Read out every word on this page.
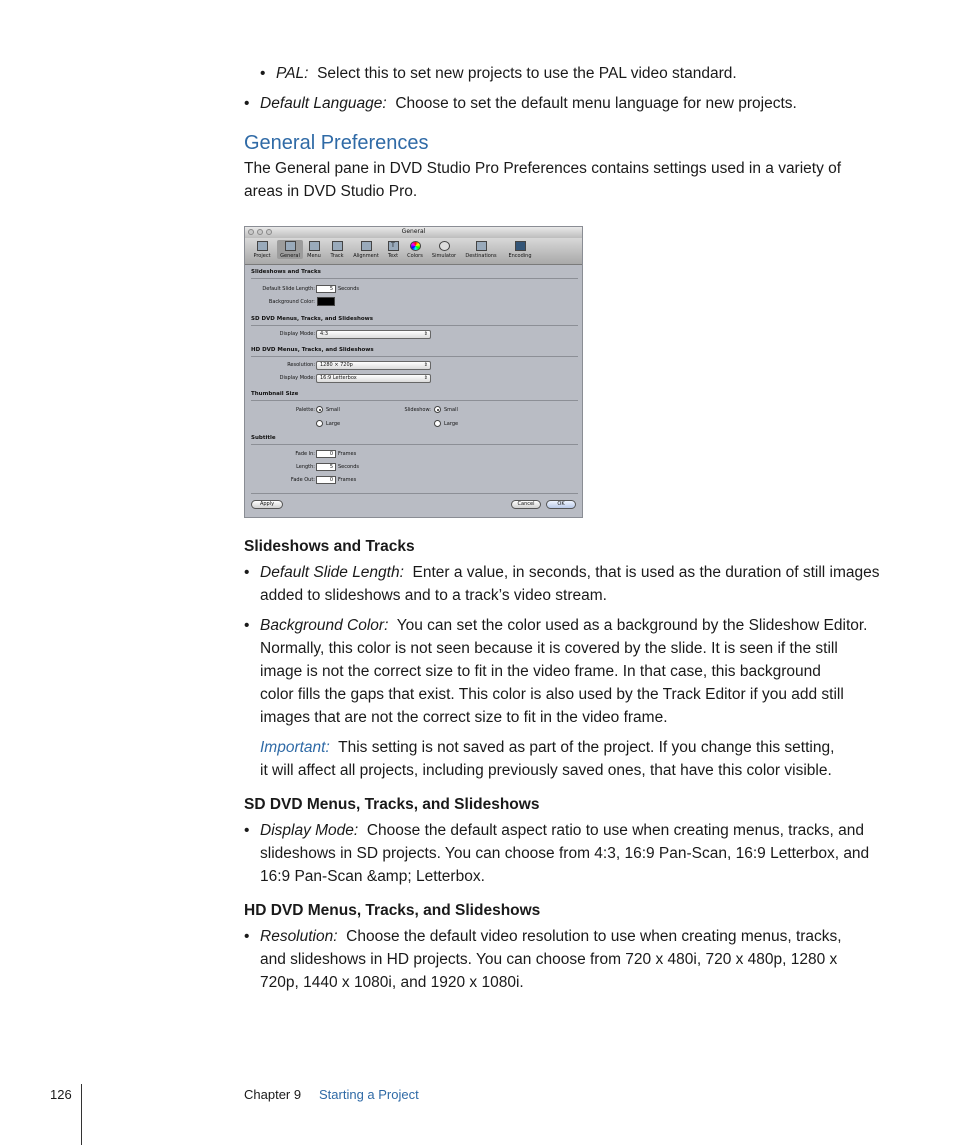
• PAL: Select this to set new projects to use the PAL video standard.
• Default Language: Choose to set the default menu language for new projects.
General Preferences
The General pane in DVD Studio Pro Preferences contains settings used in a variety of
areas in DVD Studio Pro.
General
Project	General	Menu	Track	Alignment
T
Text	Colors	Simulator	Destinations	Encoding
Slideshows and Tracks
Default Slide Length:	5	Seconds
Background Color:
SD DVD Menus, Tracks, and Slideshows
Display Mode:	4:3	⇕
HD DVD Menus, Tracks, and Slideshows
Resolution:	1280 × 720p	⇕
Display Mode:	16:9 Letterbox	⇕
Thumbnail Size
Palette: Small
Large
Slideshow:	Small
Large
Subtitle
Fade In:	0	Frames
Length:	5	Seconds
Fade Out:	0	Frames
Apply	Cancel	OK
Slideshows and Tracks
• Default Slide Length: Enter a value, in seconds, that is used as the duration of still images
added to slideshows and to a track’s video stream.
• Background Color: You can set the color used as a background by the Slideshow Editor.
Normally, this color is not seen because it is covered by the slide. It is seen if the still
image is not the correct size to fit in the video frame. In that case, this background
color fills the gaps that exist. This color is also used by the Track Editor if you add still
images that are not the correct size to fit in the video frame.
Important: This setting is not saved as part of the project. If you change this setting,
it will affect all projects, including previously saved ones, that have this color visible.
SD DVD Menus, Tracks, and Slideshows
• Display Mode: Choose the default aspect ratio to use when creating menus, tracks, and
slideshows in SD projects. You can choose from 4:3, 16:9 Pan-Scan, 16:9 Letterbox, and
16:9 Pan-Scan &amp; Letterbox.
HD DVD Menus, Tracks, and Slideshows
• Resolution: Choose the default video resolution to use when creating menus, tracks,
and slideshows in HD projects. You can choose from 720 x 480i, 720 x 480p, 1280 x
720p, 1440 x 1080i, and 1920 x 1080i.
126	Chapter 9 Starting a Project
